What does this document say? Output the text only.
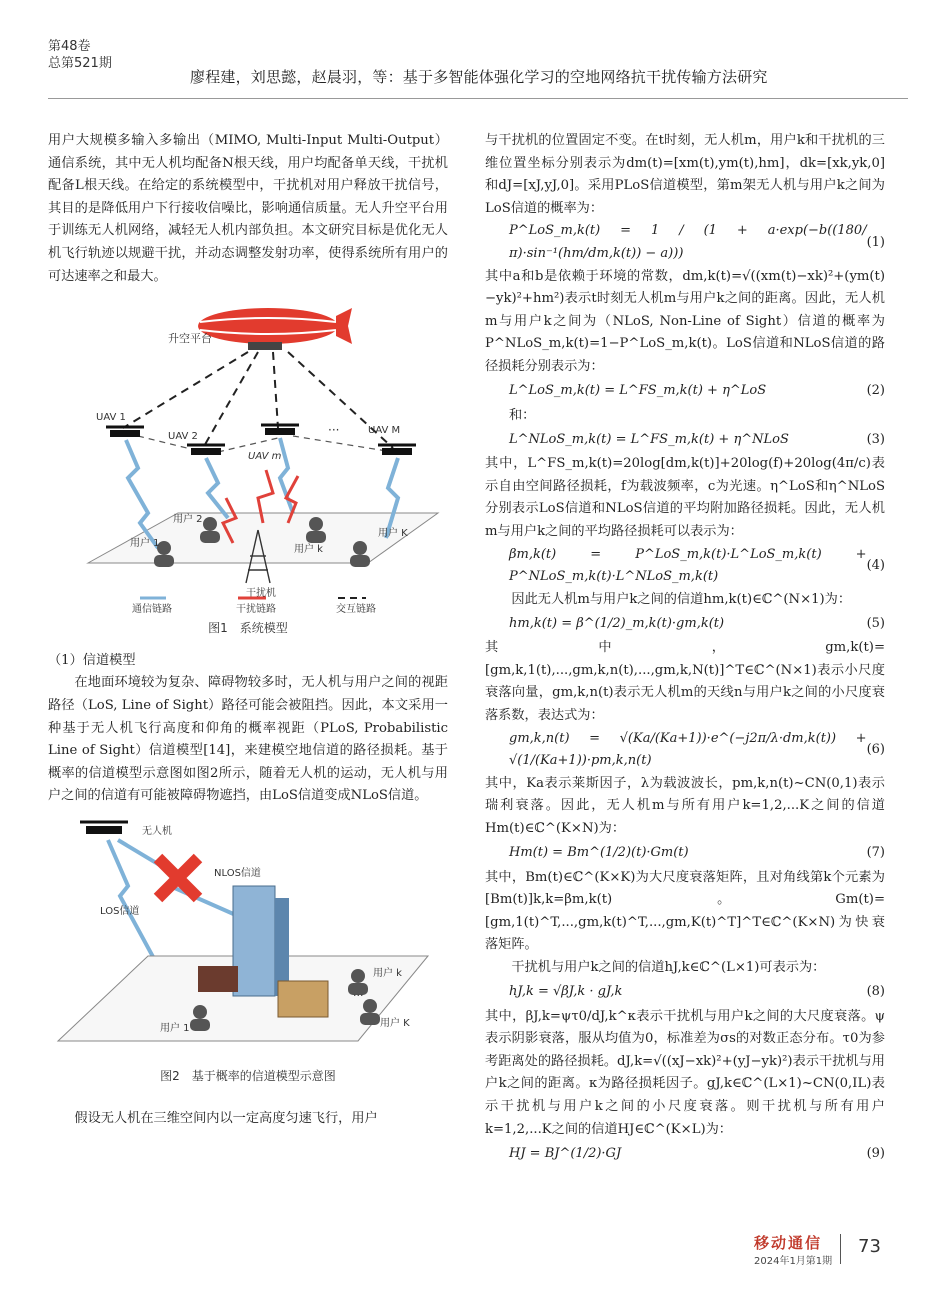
第48卷
总第521期
廖程建，刘思懿，赵晨羽，等：基于多智能体强化学习的空地网络抗干扰传输方法研究

用户大规模多输入多输出（MIMO, Multi-Input Multi-Output）通信系统，其中无人机均配备N根天线，用户均配备单天线，干扰机配备L根天线。在给定的系统模型中，干扰机对用户释放干扰信号，其目的是降低用户下行接收信噪比，影响通信质量。无人升空平台用于训练无人机网络，减轻无人机内部负担。本文研究目标是优化无人机飞行轨迹以规避干扰，并动态调整发射功率，使得系统所有用户的可达速率之和最大。

升空平台
UAV 1
UAV 2
UAV m
UAV M
···
干扰机
用户 1
用户 2
用户 k
用户 K
通信链路	干扰链路	交互链路
图1　系统模型

（1）信道模型

在地面环境较为复杂、障碍物较多时，无人机与用户之间的视距路径（LoS, Line of Sight）路径可能会被阻挡。因此，本文采用一种基于无人机飞行高度和仰角的概率视距（PLoS, Probabilistic Line of Sight）信道模型[14]，来建模空地信道的路径损耗。基于概率的信道模型示意图如图2所示，随着无人机的运动，无人机与用户之间的信道有可能被障碍物遮挡，由LoS信道变成NLoS信道。

无人机
NLOS信道
LOS信道
用户 1
用户 k
用户 K
···
图2　基于概率的信道模型示意图

假设无人机在三维空间内以一定高度匀速飞行，用户

与干扰机的位置固定不变。在t时刻，无人机m，用户k和干扰机的三维位置坐标分别表示为dm(t)=[xm(t),ym(t),hm]，dk=[xk,yk,0]和dJ=[xJ,yJ,0]。采用PLoS信道模型，第m架无人机与用户k之间为LoS信道的概率为：

P^LoS_m,k(t) = 1 / (1 + a·exp(−b((180/π)·sin⁻¹(hm/dm,k(t)) − a)))
(1)

其中a和b是依赖于环境的常数，dm,k(t)=√((xm(t)−xk)²+(ym(t)−yk)²+hm²)表示t时刻无人机m与用户k之间的距离。因此，无人机m与用户k之间为（NLoS, Non-Line of Sight）信道的概率为P^NLoS_m,k(t)=1−P^LoS_m,k(t)。LoS信道和NLoS信道的路径损耗分别表示为：

L^LoS_m,k(t) = L^FS_m,k(t) + η^LoS	(2)

和：

L^NLoS_m,k(t) = L^FS_m,k(t) + η^NLoS	(3)

其中，L^FS_m,k(t)=20log[dm,k(t)]+20log(f)+20log(4π/c)表示自由空间路径损耗，f为载波频率，c为光速。η^LoS和η^NLoS分别表示LoS信道和NLoS信道的平均附加路径损耗。因此，无人机m与用户k之间的平均路径损耗可以表示为：

βm,k(t) = P^LoS_m,k(t)·L^LoS_m,k(t) + P^NLoS_m,k(t)·L^NLoS_m,k(t)
(4)

因此无人机m与用户k之间的信道hm,k(t)∈ℂ^(N×1)为：

hm,k(t) = β^(1/2)_m,k(t)·gm,k(t)	(5)

其中，gm,k(t)=[gm,k,1(t),...,gm,k,n(t),...,gm,k,N(t)]^T∈ℂ^(N×1)表示小尺度衰落向量，gm,k,n(t)表示无人机m的天线n与用户k之间的小尺度衰落系数，表达式为：

gm,k,n(t) = √(Ka/(Ka+1))·e^(−j2π/λ·dm,k(t)) + √(1/(Ka+1))·pm,k,n(t)
(6)

其中，Ka表示莱斯因子，λ为载波波长，pm,k,n(t)~CN(0,1)表示瑞利衰落。因此，无人机m与所有用户k=1,2,...K之间的信道Hm(t)∈ℂ^(K×N)为：

Hm(t) = Bm^(1/2)(t)·Gm(t)	(7)

其中，Bm(t)∈ℂ^(K×K)为大尺度衰落矩阵，且对角线第k个元素为[Bm(t)]k,k=βm,k(t)。Gm(t)=[gm,1(t)^T,...,gm,k(t)^T,...,gm,K(t)^T]^T∈ℂ^(K×N)为快衰落矩阵。

干扰机与用户k之间的信道hJ,k∈ℂ^(L×1)可表示为：

hJ,k = √βJ,k · gJ,k	(8)

其中，βJ,k=ψτ0/dJ,k^κ表示干扰机与用户k之间的大尺度衰落。ψ表示阴影衰落，服从均值为0，标准差为σs的对数正态分布。τ0为参考距离处的路径损耗。dJ,k=√((xJ−xk)²+(yJ−yk)²)表示干扰机与用户k之间的距离。κ为路径损耗因子。gJ,k∈ℂ^(L×1)~CN(0,IL)表示干扰机与用户k之间的小尺度衰落。则干扰机与所有用户k=1,2,...K之间的信道HJ∈ℂ^(K×L)为：

HJ = BJ^(1/2)·GJ	(9)
移动通信
2024年1月第1期
73
